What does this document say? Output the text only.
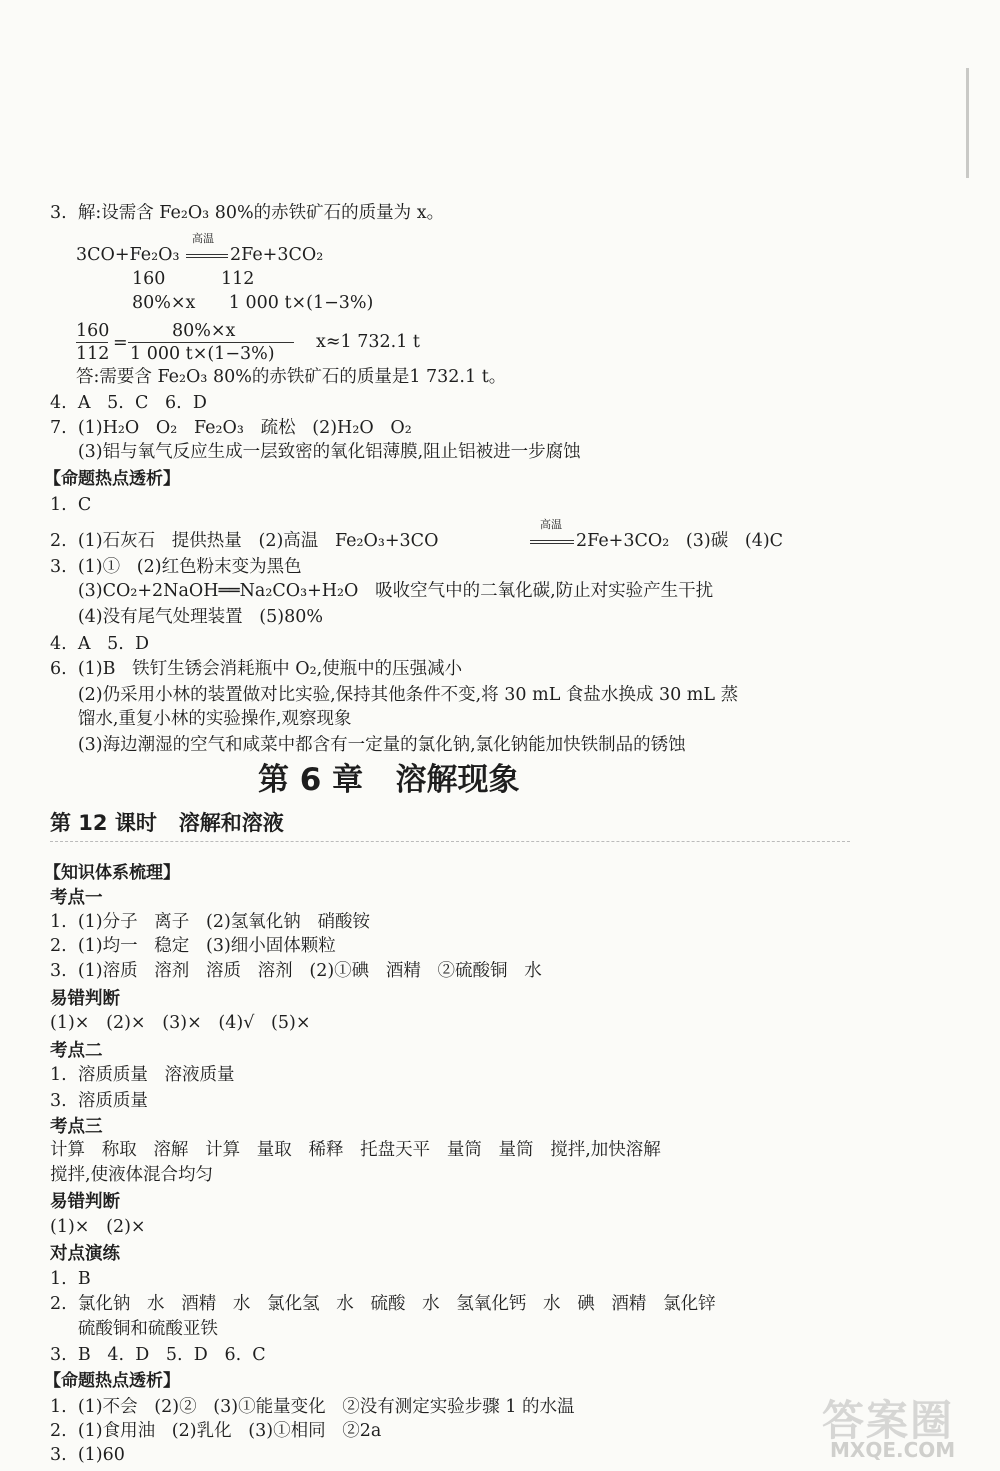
3.  解:设需含 Fe₂O₃ 80%的赤铁矿石的质量为 x。
3CO+Fe₂O₃
高温
2Fe+3CO₂
160          112
80%×x      1 000 t×(1−3%)
160
112
=
80%×x
1 000 t×(1−3%)
x≈1 732.1 t
答:需要含 Fe₂O₃ 80%的赤铁矿石的质量是1 732.1 t。
4.  A   5.  C   6.  D
7.  (1)H₂O   O₂   Fe₂O₃   疏松   (2)H₂O   O₂
(3)铝与氧气反应生成一层致密的氧化铝薄膜,阻止铝被进一步腐蚀
【命题热点透析】
1.  C
2.  (1)石灰石   提供热量   (2)高温   Fe₂O₃+3CO
高温
2Fe+3CO₂   (3)碳   (4)C
3.  (1)①   (2)红色粉末变为黑色
(3)CO₂+2NaOH══Na₂CO₃+H₂O   吸收空气中的二氧化碳,防止对实验产生干扰
(4)没有尾气处理装置   (5)80%
4.  A   5.  D
6.  (1)B   铁钉生锈会消耗瓶中 O₂,使瓶中的压强减小
(2)仍采用小林的装置做对比实验,保持其他条件不变,将 30 mL 食盐水换成 30 mL 蒸
馏水,重复小林的实验操作,观察现象
(3)海边潮湿的空气和咸菜中都含有一定量的氯化钠,氯化钠能加快铁制品的锈蚀
第 6 章   溶解现象
第 12 课时   溶解和溶液
【知识体系梳理】
考点一
1.  (1)分子   离子   (2)氢氧化钠   硝酸铵
2.  (1)均一   稳定   (3)细小固体颗粒
3.  (1)溶质   溶剂   溶质   溶剂   (2)①碘   酒精   ②硫酸铜   水
易错判断
(1)×   (2)×   (3)×   (4)√   (5)×
考点二
1.  溶质质量   溶液质量
3.  溶质质量
考点三
计算   称取   溶解   计算   量取   稀释   托盘天平   量筒   量筒   搅拌,加快溶解
搅拌,使液体混合均匀
易错判断
(1)×   (2)×
对点演练
1.  B
2.  氯化钠   水   酒精   水   氯化氢   水   硫酸   水   氢氧化钙   水   碘   酒精   氯化锌
硫酸铜和硫酸亚铁
3.  B   4.  D   5.  D   6.  C
【命题热点透析】
1.  (1)不会   (2)②   (3)①能量变化   ②没有测定实验步骤 1 的水温
2.  (1)食用油   (2)乳化   (3)①相同   ②2a
3.  (1)60
答案圈
MXQE.COM
